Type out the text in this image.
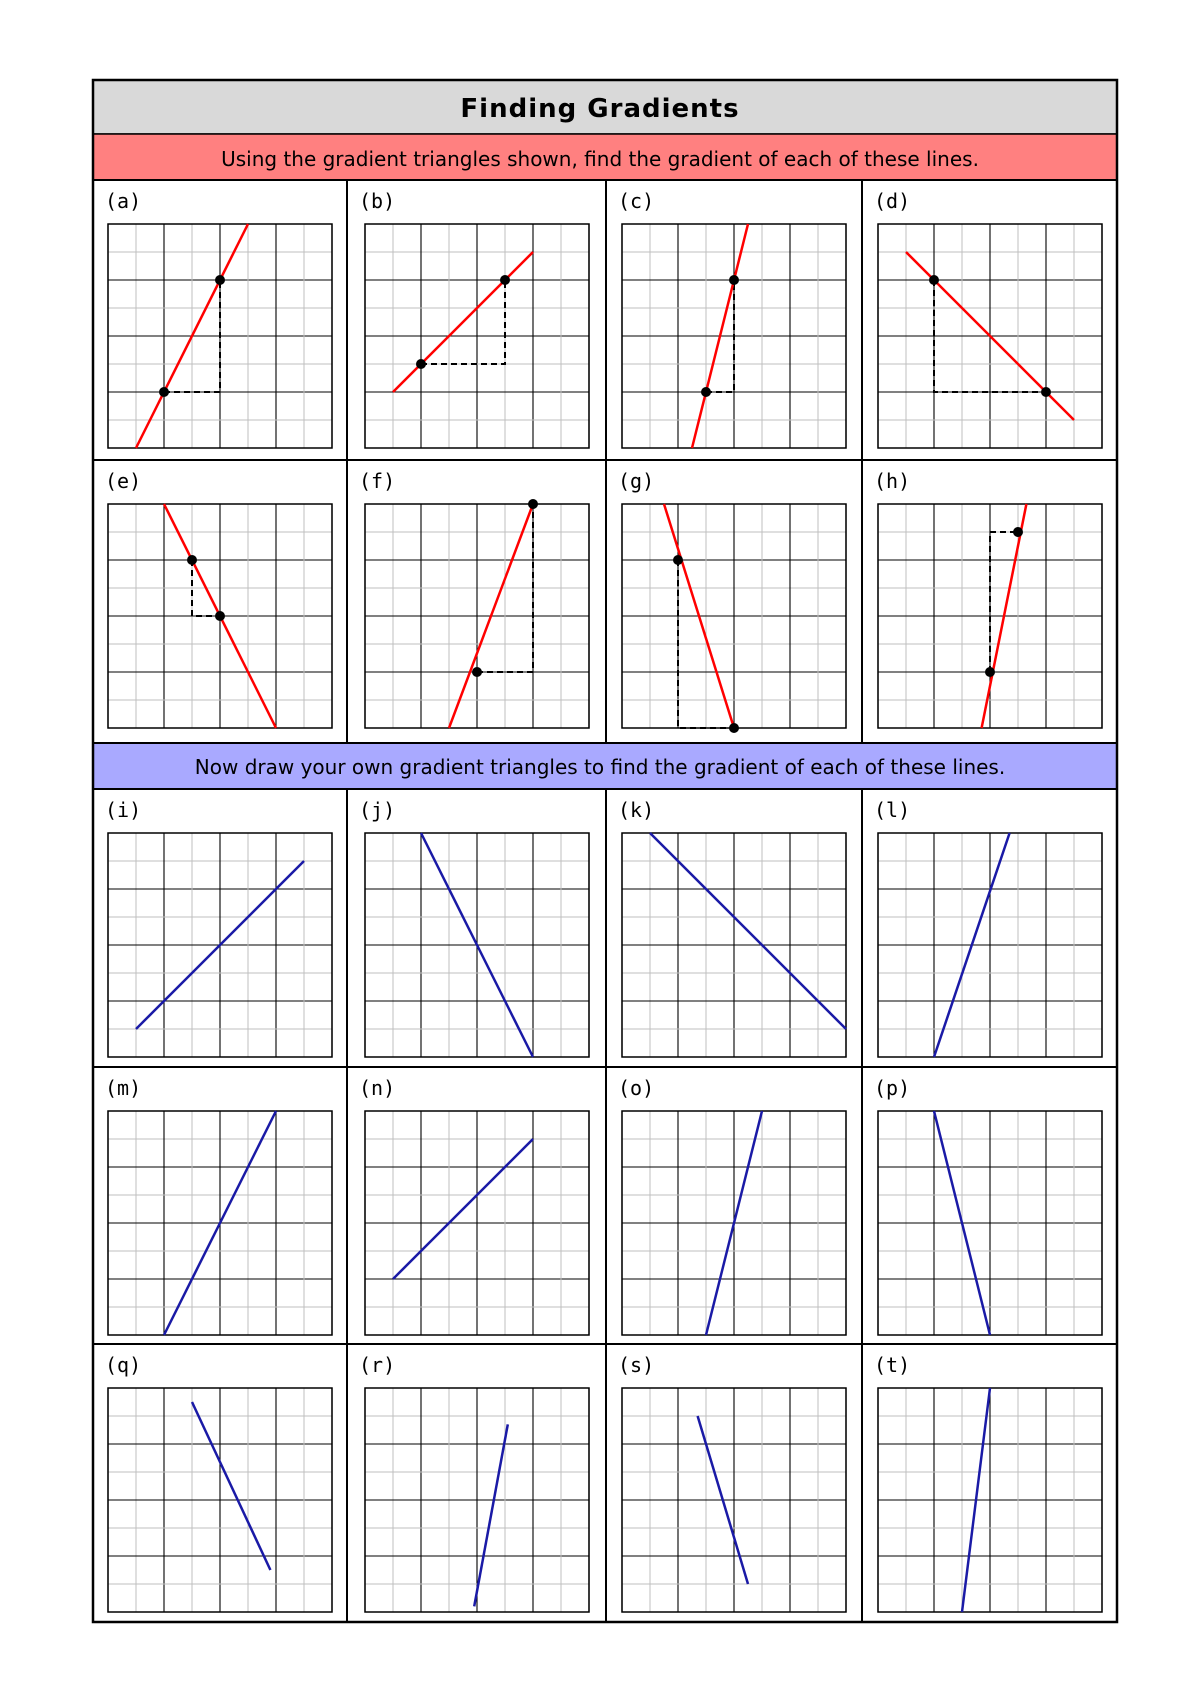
Finding Gradients
Using the gradient triangles shown, find the gradient of each of these lines.
Now draw your own gradient triangles to find the gradient of each of these lines.
(a)	(b)	(c)	(d)
(e)	(f)	(g)	(h)
(i)	(j)	(k)	(l)
(m)	(n)	(o)	(p)
(q)	(r)	(s)	(t)
